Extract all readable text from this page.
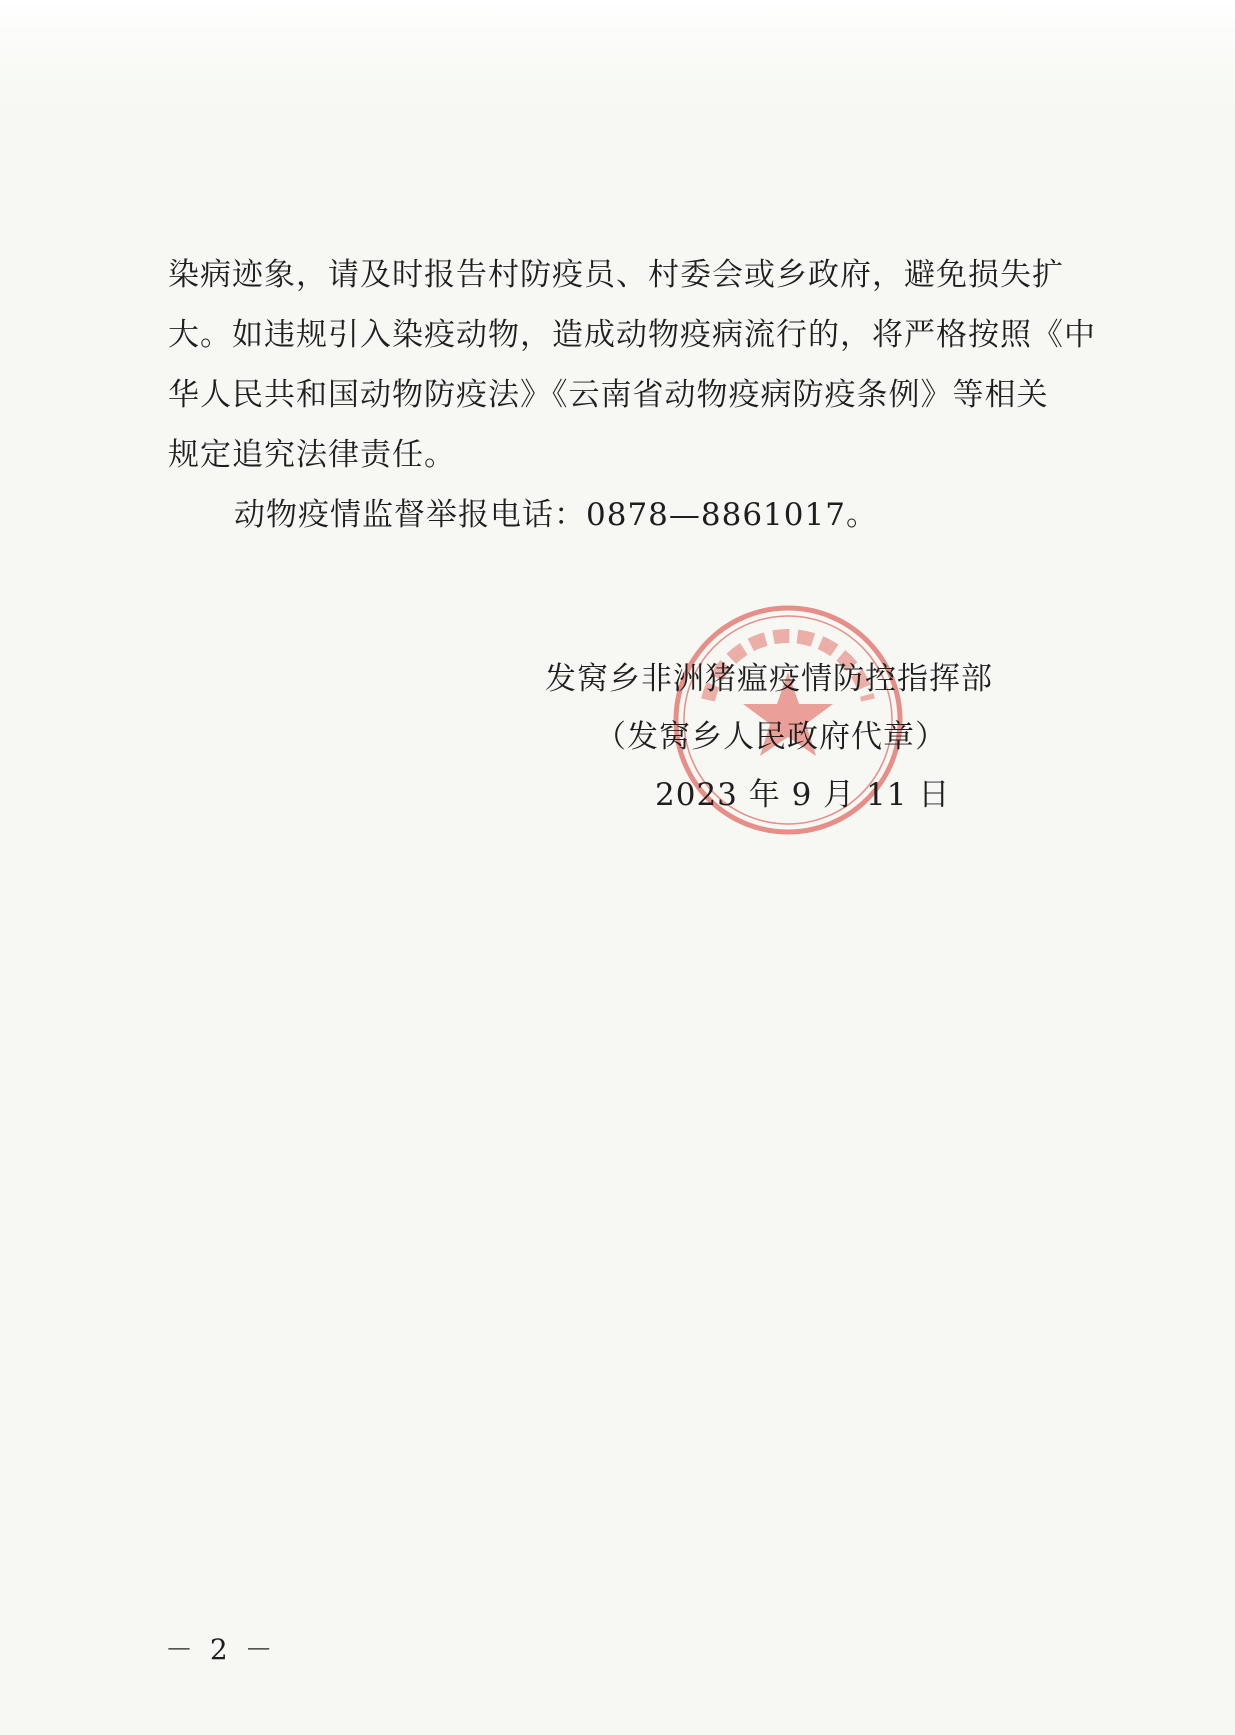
染病迹象，请及时报告村防疫员、村委会或乡政府，避免损失扩
大。如违规引入染疫动物，造成动物疫病流行的，将严格按照《中
华人民共和国动物防疫法》《云南省动物疫病防疫条例》等相关
规定追究法律责任。
动物疫情监督举报电话：0878—8861017。
发窝乡非洲猪瘟疫情防控指挥部
（发窝乡人民政府代章）
2023 年 9 月 11 日
－ 2 －
